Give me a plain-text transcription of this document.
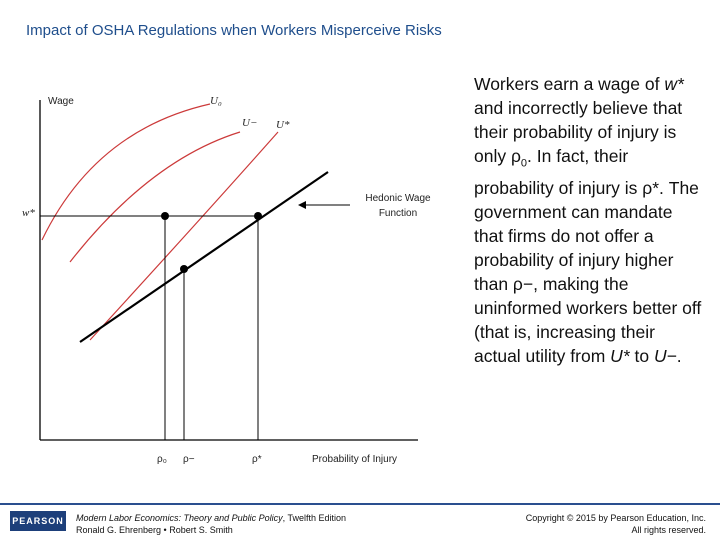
Impact of OSHA Regulations when Workers Misperceive Risks
Wage	U₀
U− U*
Hedonic Wage
Function
w*
ρ₀ ρ−	ρ*	Probability of Injury
Workers earn a wage of w* and incorrectly believe that their probability of injury is only $\rho_0$. In fact, their probability of injury is ρ*. The government can mandate that firms do not offer a probability of injury higher than ρ−, making the uninformed workers better off (that is, increasing their actual utility from U* to U−.
PEARSON Modern Labor Economics: Theory and Public Policy, Twelfth Edition
Ronald G. Ehrenberg • Robert S. Smith
Copyright © 2015 by Pearson Education, Inc.
All rights reserved.
